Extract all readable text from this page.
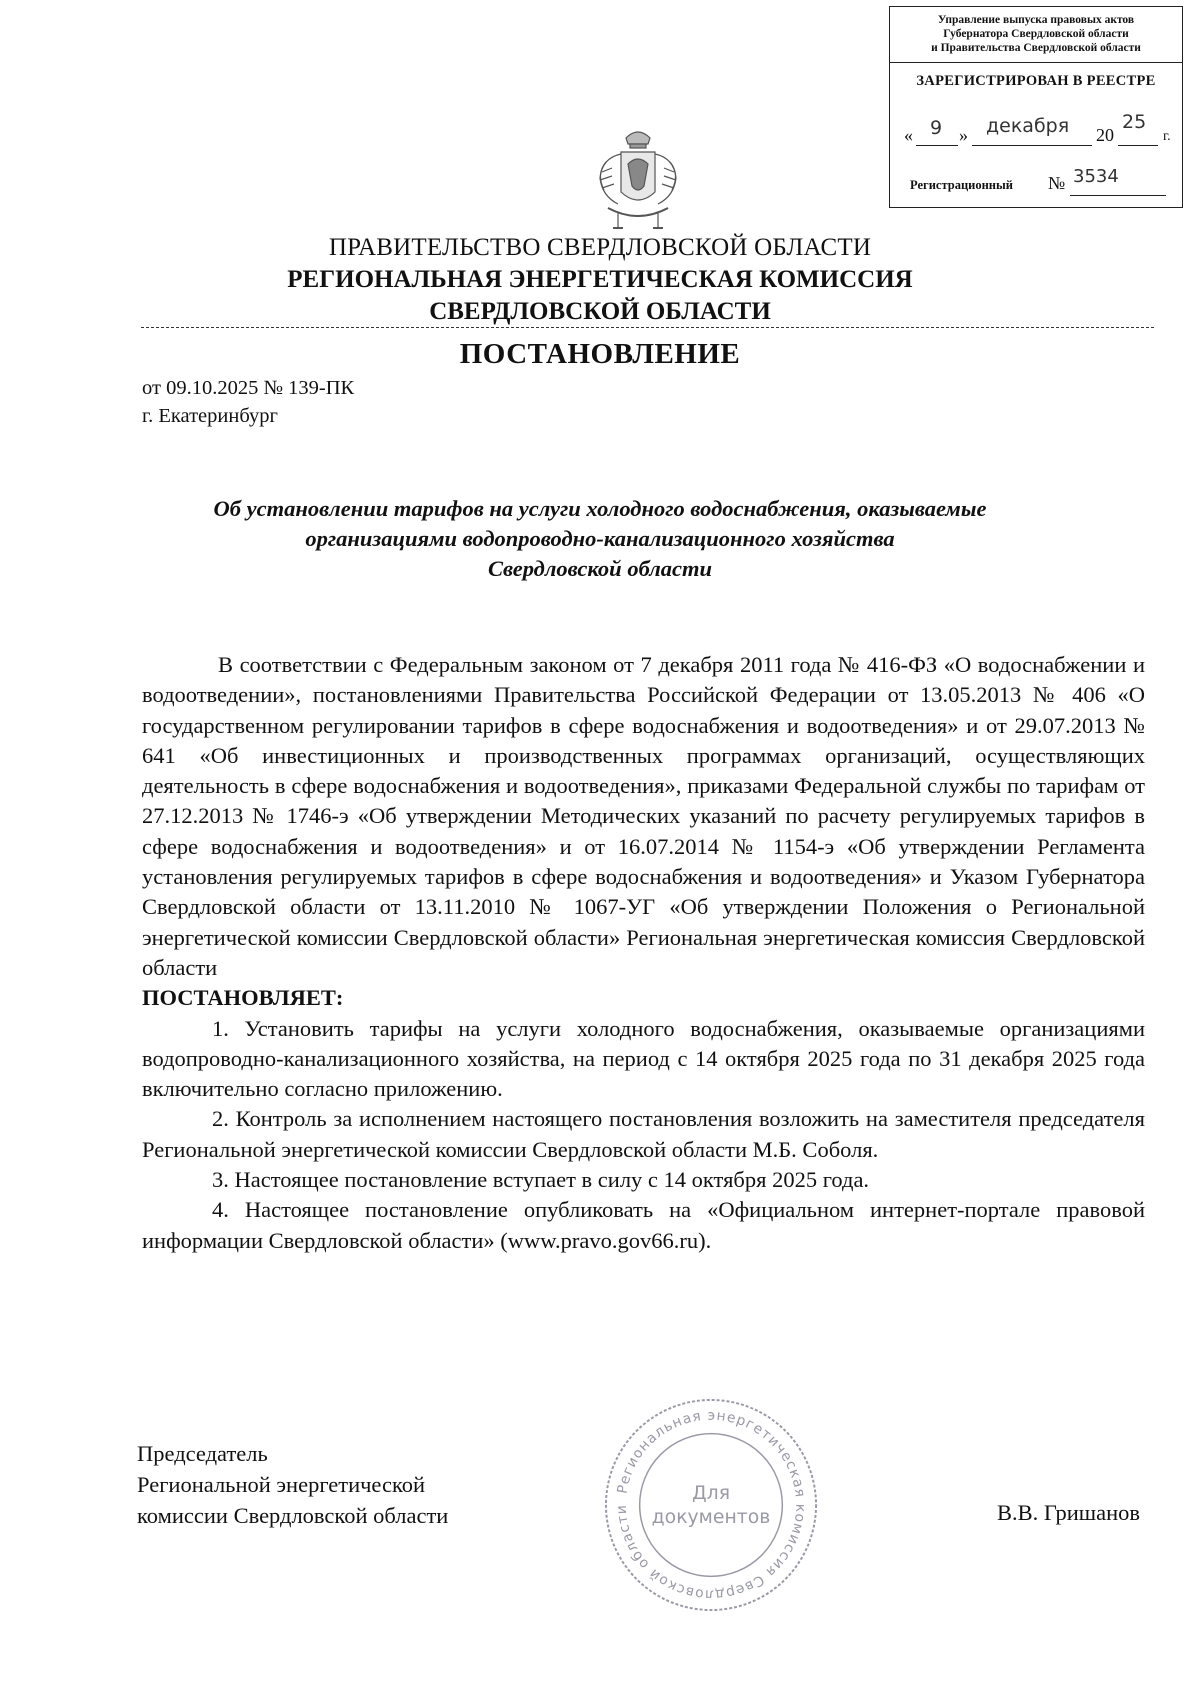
Управление выпуска правовых актов
Губернатора Свердловской области
и Правительства Свердловской области
ЗАРЕГИСТРИРОВАН В РЕЕСТРЕ
« 9 » декабря 20
25
г.
Регистрационный № 3534
ПРАВИТЕЛЬСТВО СВЕРДЛОВСКОЙ ОБЛАСТИ
РЕГИОНАЛЬНАЯ ЭНЕРГЕТИЧЕСКАЯ КОМИССИЯ
СВЕРДЛОВСКОЙ ОБЛАСТИ
ПОСТАНОВЛЕНИЕ
от 09.10.2025 № 139-ПК
г. Екатеринбург
Об установлении тарифов на услуги холодного водоснабжения, оказываемые
организациями водопроводно-канализационного хозяйства
Свердловской области

В соответствии с Федеральным законом от 7 декабря 2011 года № 416-ФЗ «О водоснабжении и водоотведении», постановлениями Правительства Российской Федерации от 13.05.2013 № 406 «О государственном регулировании тарифов в сфере водоснабжения и водоотведения» и от 29.07.2013 № 641 «Об инвестиционных и производственных программах организаций, осуществляющих деятельность в сфере водоснабжения и водоотведения», приказами Федеральной службы по тарифам от 27.12.2013 № 1746-э «Об утверждении Методических указаний по расчету регулируемых тарифов в сфере водоснабжения и водоотведения» и от 16.07.2014 № 1154-э «Об утверждении Регламента установления регулируемых тарифов в сфере водоснабжения и водоотведения» и Указом Губернатора Свердловской области от 13.11.2010 № 1067-УГ «Об утверждении Положения о Региональной энергетической комиссии Свердловской области» Региональная энергетическая комиссия Свердловской области

ПОСТАНОВЛЯЕТ:

1. Установить тарифы на услуги холодного водоснабжения, оказываемые организациями водопроводно-канализационного хозяйства, на период с 14 октября 2025 года по 31 декабря 2025 года включительно согласно приложению.

2. Контроль за исполнением настоящего постановления возложить на заместителя председателя Региональной энергетической комиссии Свердловской области М.Б. Соболя.

3. Настоящее постановление вступает в силу с 14 октября 2025 года.

4. Настоящее постановление опубликовать на «Официальном интернет-портале правовой информации Свердловской области» (www.pravo.gov66.ru).

Председатель
Региональной энергетической
комиссии Свердловской области
Региональная энергетическая комиссия Свердловской области
Для
документов	В.В. Гришанов
